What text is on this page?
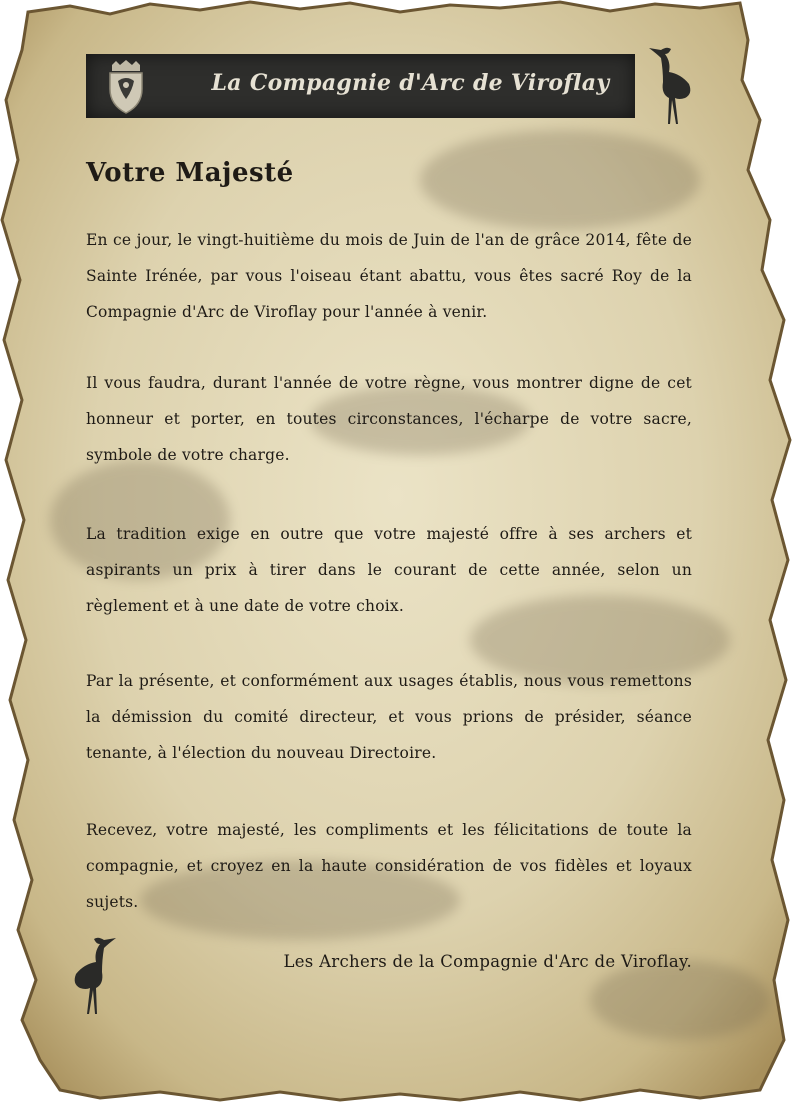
La Compagnie d'Arc de Viroflay
Votre Majesté
En ce jour, le vingt-huitième du mois de Juin de l'an de grâce 2014, fête de Sainte Irénée, par vous l'oiseau étant abattu, vous êtes sacré Roy de la Compagnie d'Arc de Viroflay pour l'année à venir.
Il vous faudra, durant l'année de votre règne, vous montrer digne de cet honneur et porter, en toutes circonstances, l'écharpe de votre sacre, symbole de votre charge.
La tradition exige en outre que votre majesté offre à ses archers et aspirants un prix à tirer dans le courant de cette année, selon un règlement et à une date de votre choix.
Par la présente, et conformément aux usages établis, nous vous remettons la démission du comité directeur, et vous prions de présider, séance tenante, à l'élection du nouveau Directoire.
Recevez, votre majesté, les compliments et les félicitations de toute la compagnie, et croyez en la haute considération de vos fidèles et loyaux sujets.
Les Archers de la Compagnie d'Arc de Viroflay.
